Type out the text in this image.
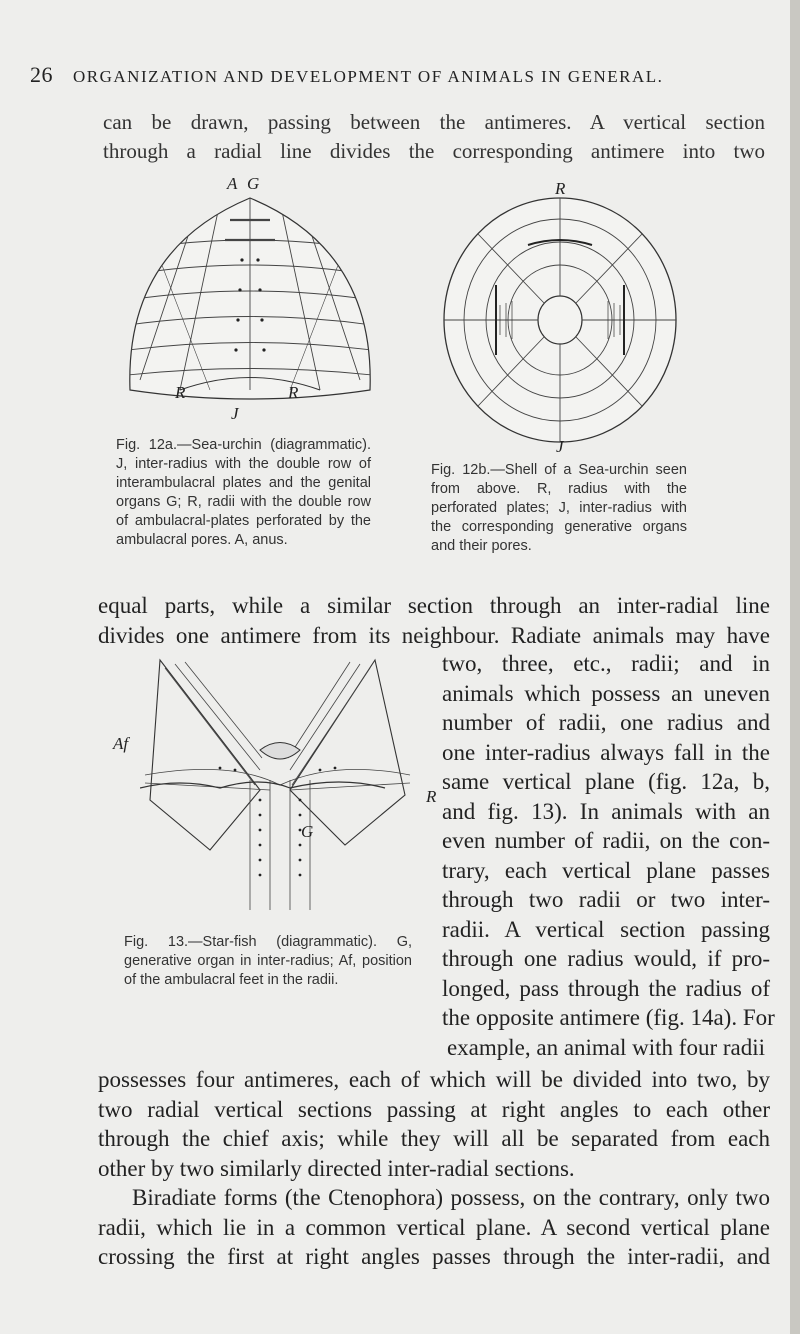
26 ORGANIZATION AND DEVELOPMENT OF ANIMALS IN GENERAL.
can be drawn, passing between the antimeres. A vertical section
through a radial line divides the corresponding antimere into two
A G
R	R
J
Fig. 12a.—Sea-urchin (diagrammatic). J, inter-radius with the double row of interambulacral plates and the genital organs G; R, radii with the double row of ambulacral-plates perforated by the ambulacral pores. A, anus.
R
J
Fig. 12b.—Shell of a Sea-urchin seen from above. R, radius with the perforated plates; J, inter-radius with the corresponding generative organs and their pores.
equal parts, while a similar section through an inter-radial line
divides one antimere from its neighbour. Radiate animals may have
Af
R
G
Fig. 13.—Star-fish (diagrammatic). G, generative organ in inter-radius; Af, position of the ambulacral feet in the radii.
two, three, etc., radii; and in
animals which possess an uneven
number of radii, one radius and
one inter-radius always fall in the
same vertical plane (fig. 12a, b,
and fig. 13). In animals with an
even number of radii, on the con-
trary, each vertical plane passes
through two radii or two inter-
radii. A vertical section passing
through one radius would, if pro-
longed, pass through the radius of
the opposite antimere (fig. 14a). For
example, an animal with four radii
possesses four antimeres, each of which will be divided into two, by
two radial vertical sections passing at right angles to each other
through the chief axis; while they will all be separated from each
other by two similarly directed inter-radial sections.
Biradiate forms (the Ctenophora) possess, on the contrary, only two
radii, which lie in a common vertical plane. A second vertical plane
crossing the first at right angles passes through the inter-radii, and
